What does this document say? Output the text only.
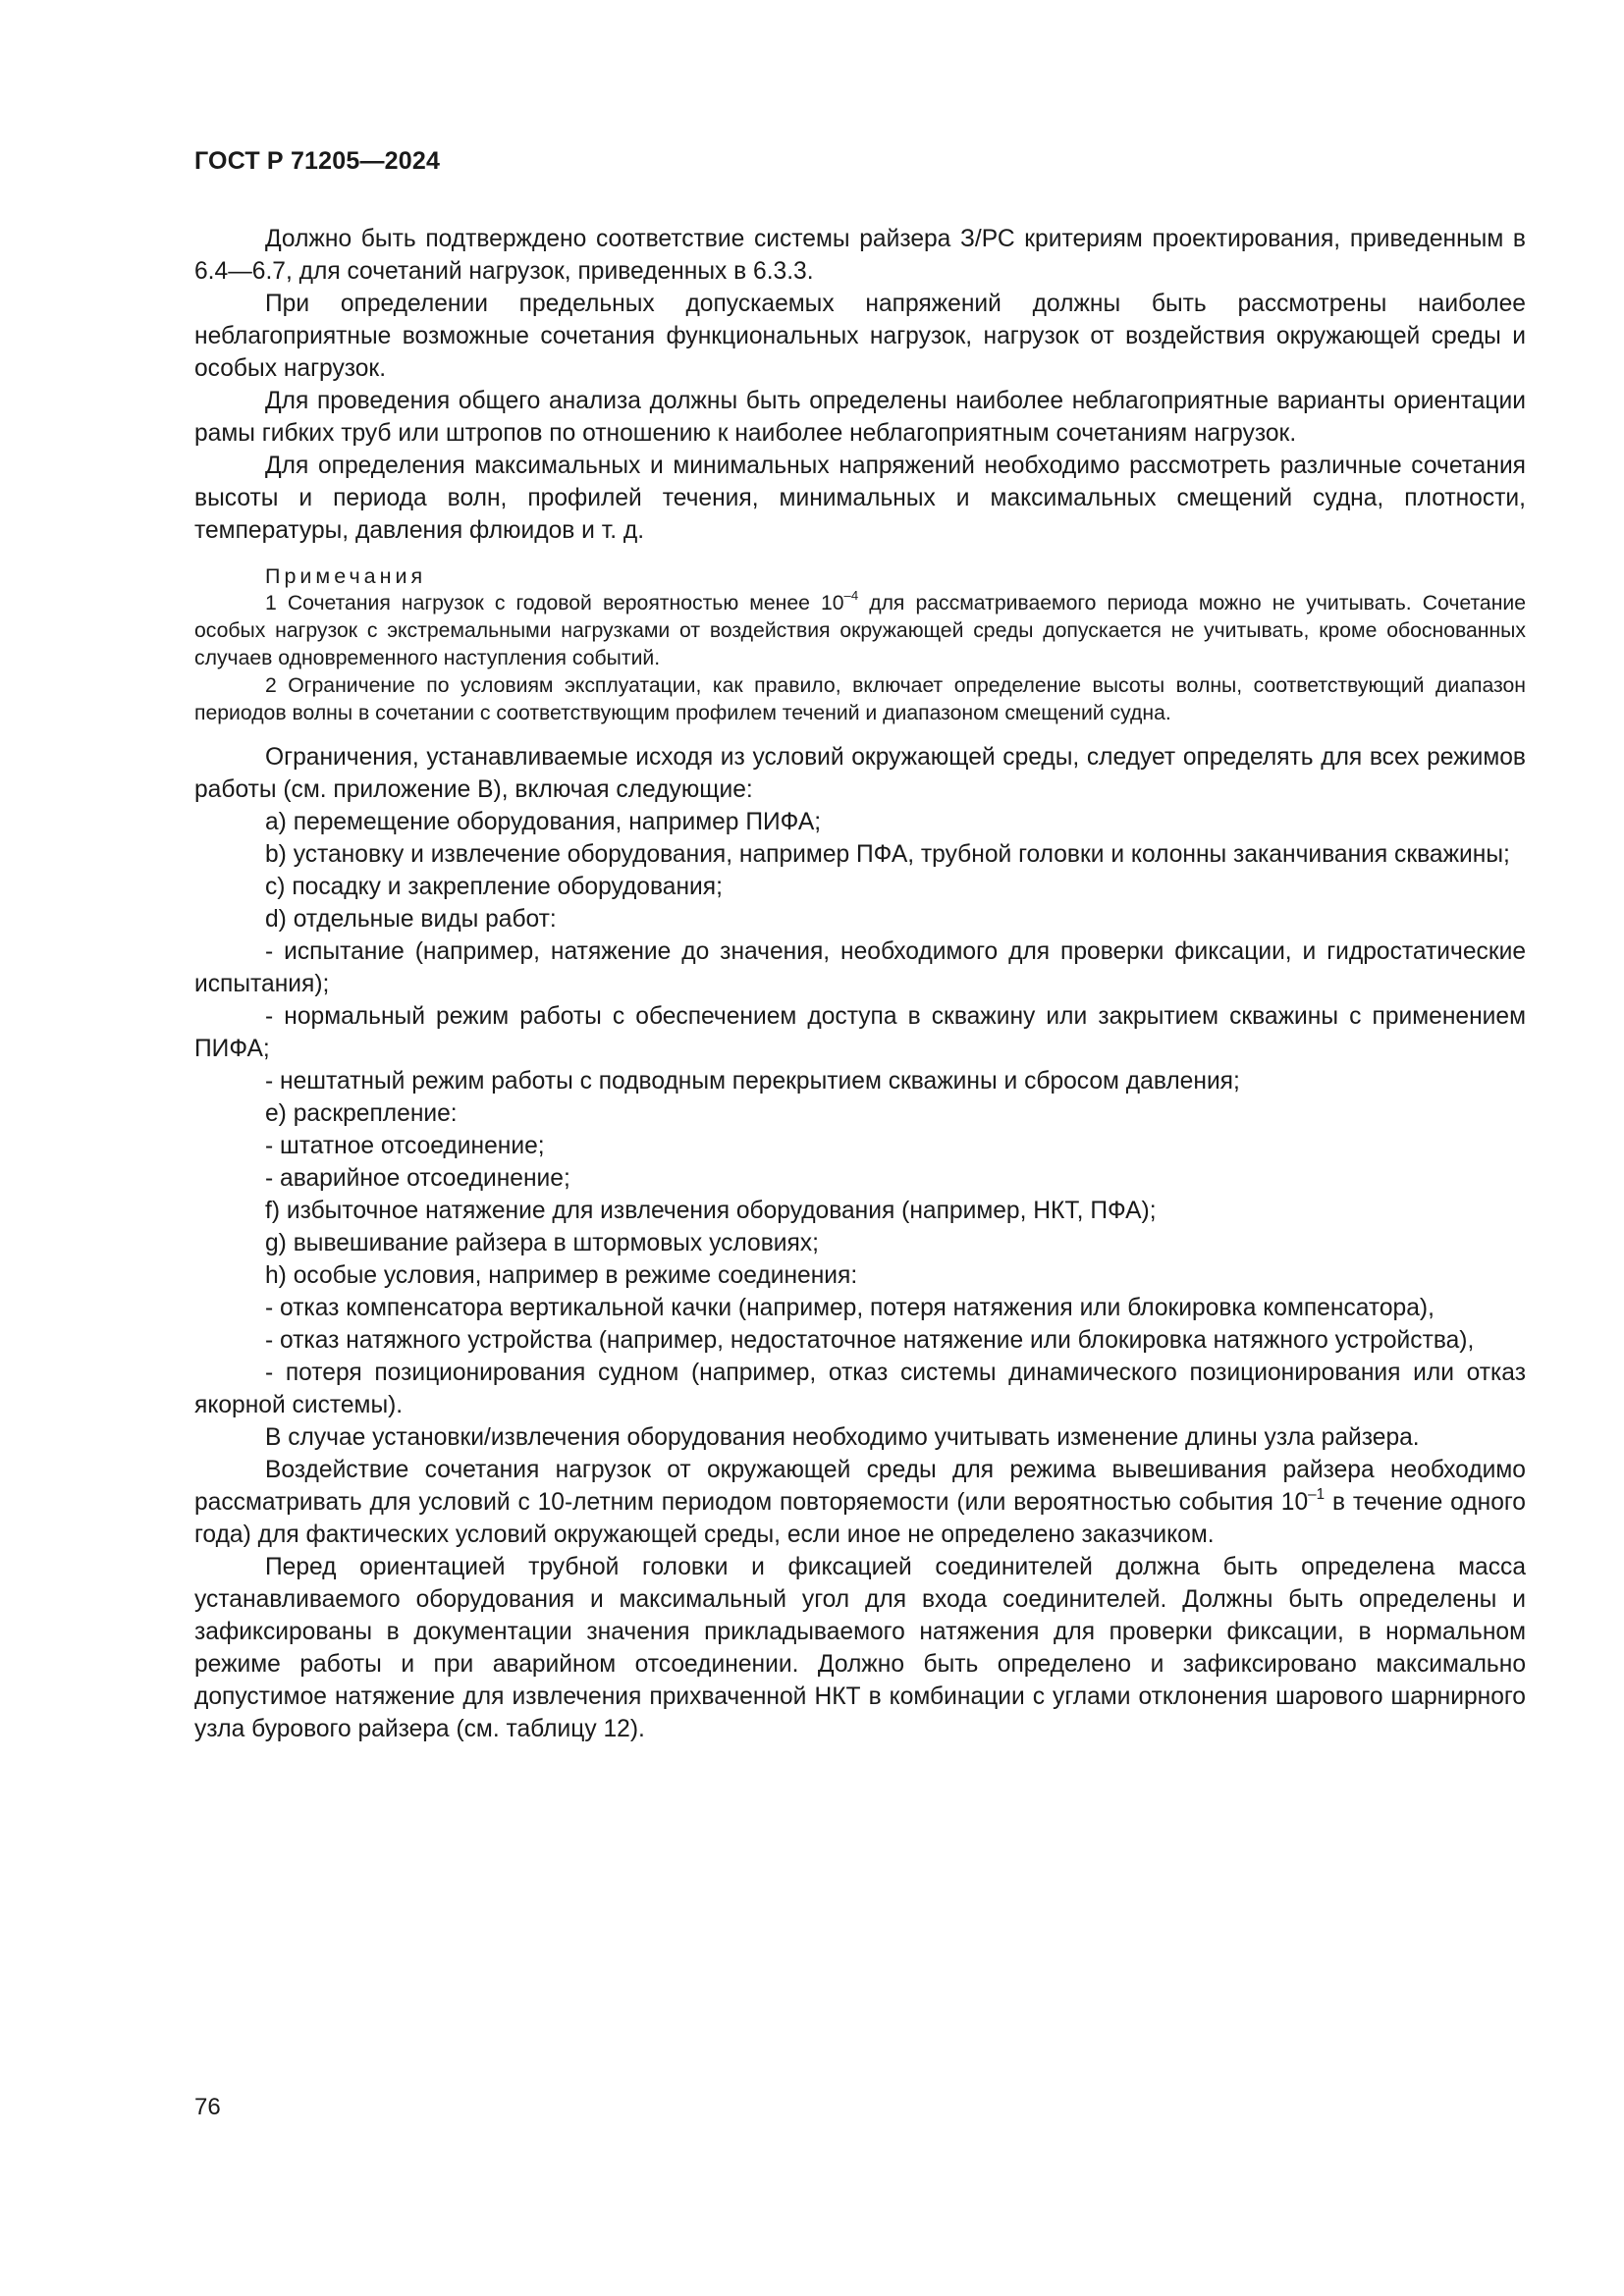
ГОСТ Р 71205—2024

Должно быть подтверждено соответствие системы райзера З/РС критериям проектирования, приведенным в 6.4—6.7, для сочетаний нагрузок, приведенных в 6.3.3.

При определении предельных допускаемых напряжений должны быть рассмотрены наиболее неблагоприятные возможные сочетания функциональных нагрузок, нагрузок от воздействия окружающей среды и особых нагрузок.

Для проведения общего анализа должны быть определены наиболее неблагоприятные варианты ориентации рамы гибких труб или штропов по отношению к наиболее неблагоприятным сочетаниям нагрузок.

Для определения максимальных и минимальных напряжений необходимо рассмотреть различные сочетания высоты и периода волн, профилей течения, минимальных и максимальных смещений судна, плотности, температуры, давления флюидов и т. д.

Примечания

1 Сочетания нагрузок с годовой вероятностью менее $10^{-4}$ для рассматриваемого периода можно не учитывать. Сочетание особых нагрузок с экстремальными нагрузками от воздействия окружающей среды допускается не учитывать, кроме обоснованных случаев одновременного наступления событий.

2 Ограничение по условиям эксплуатации, как правило, включает определение высоты волны, соответствующий диапазон периодов волны в сочетании с соответствующим профилем течений и диапазоном смещений судна.

Ограничения, устанавливаемые исходя из условий окружающей среды, следует определять для всех режимов работы (см. приложение В), включая следующие:

a) перемещение оборудования, например ПИФА;

b) установку и извлечение оборудования, например ПФА, трубной головки и колонны заканчивания скважины;

c) посадку и закрепление оборудования;

d) отдельные виды работ:

- испытание (например, натяжение до значения, необходимого для проверки фиксации, и гидростатические испытания);

- нормальный режим работы с обеспечением доступа в скважину или закрытием скважины с применением ПИФА;

- нештатный режим работы с подводным перекрытием скважины и сбросом давления;

e) раскрепление:

- штатное отсоединение;

- аварийное отсоединение;

f) избыточное натяжение для извлечения оборудования (например, НКТ, ПФА);

g) вывешивание райзера в штормовых условиях;

h) особые условия, например в режиме соединения:

- отказ компенсатора вертикальной качки (например, потеря натяжения или блокировка компенсатора),

- отказ натяжного устройства (например, недостаточное натяжение или блокировка натяжного устройства),

- потеря позиционирования судном (например, отказ системы динамического позиционирования или отказ якорной системы).

В случае установки/извлечения оборудования необходимо учитывать изменение длины узла райзера.

Воздействие сочетания нагрузок от окружающей среды для режима вывешивания райзера необходимо рассматривать для условий с 10-летним периодом повторяемости (или вероятностью события $10^{-1}$ в течение одного года) для фактических условий окружающей среды, если иное не определено заказчиком.

Перед ориентацией трубной головки и фиксацией соединителей должна быть определена масса устанавливаемого оборудования и максимальный угол для входа соединителей. Должны быть определены и зафиксированы в документации значения прикладываемого натяжения для проверки фиксации, в нормальном режиме работы и при аварийном отсоединении. Должно быть определено и зафиксировано максимально допустимое натяжение для извлечения прихваченной НКТ в комбинации с углами отклонения шарового шарнирного узла бурового райзера (см. таблицу 12).

76
